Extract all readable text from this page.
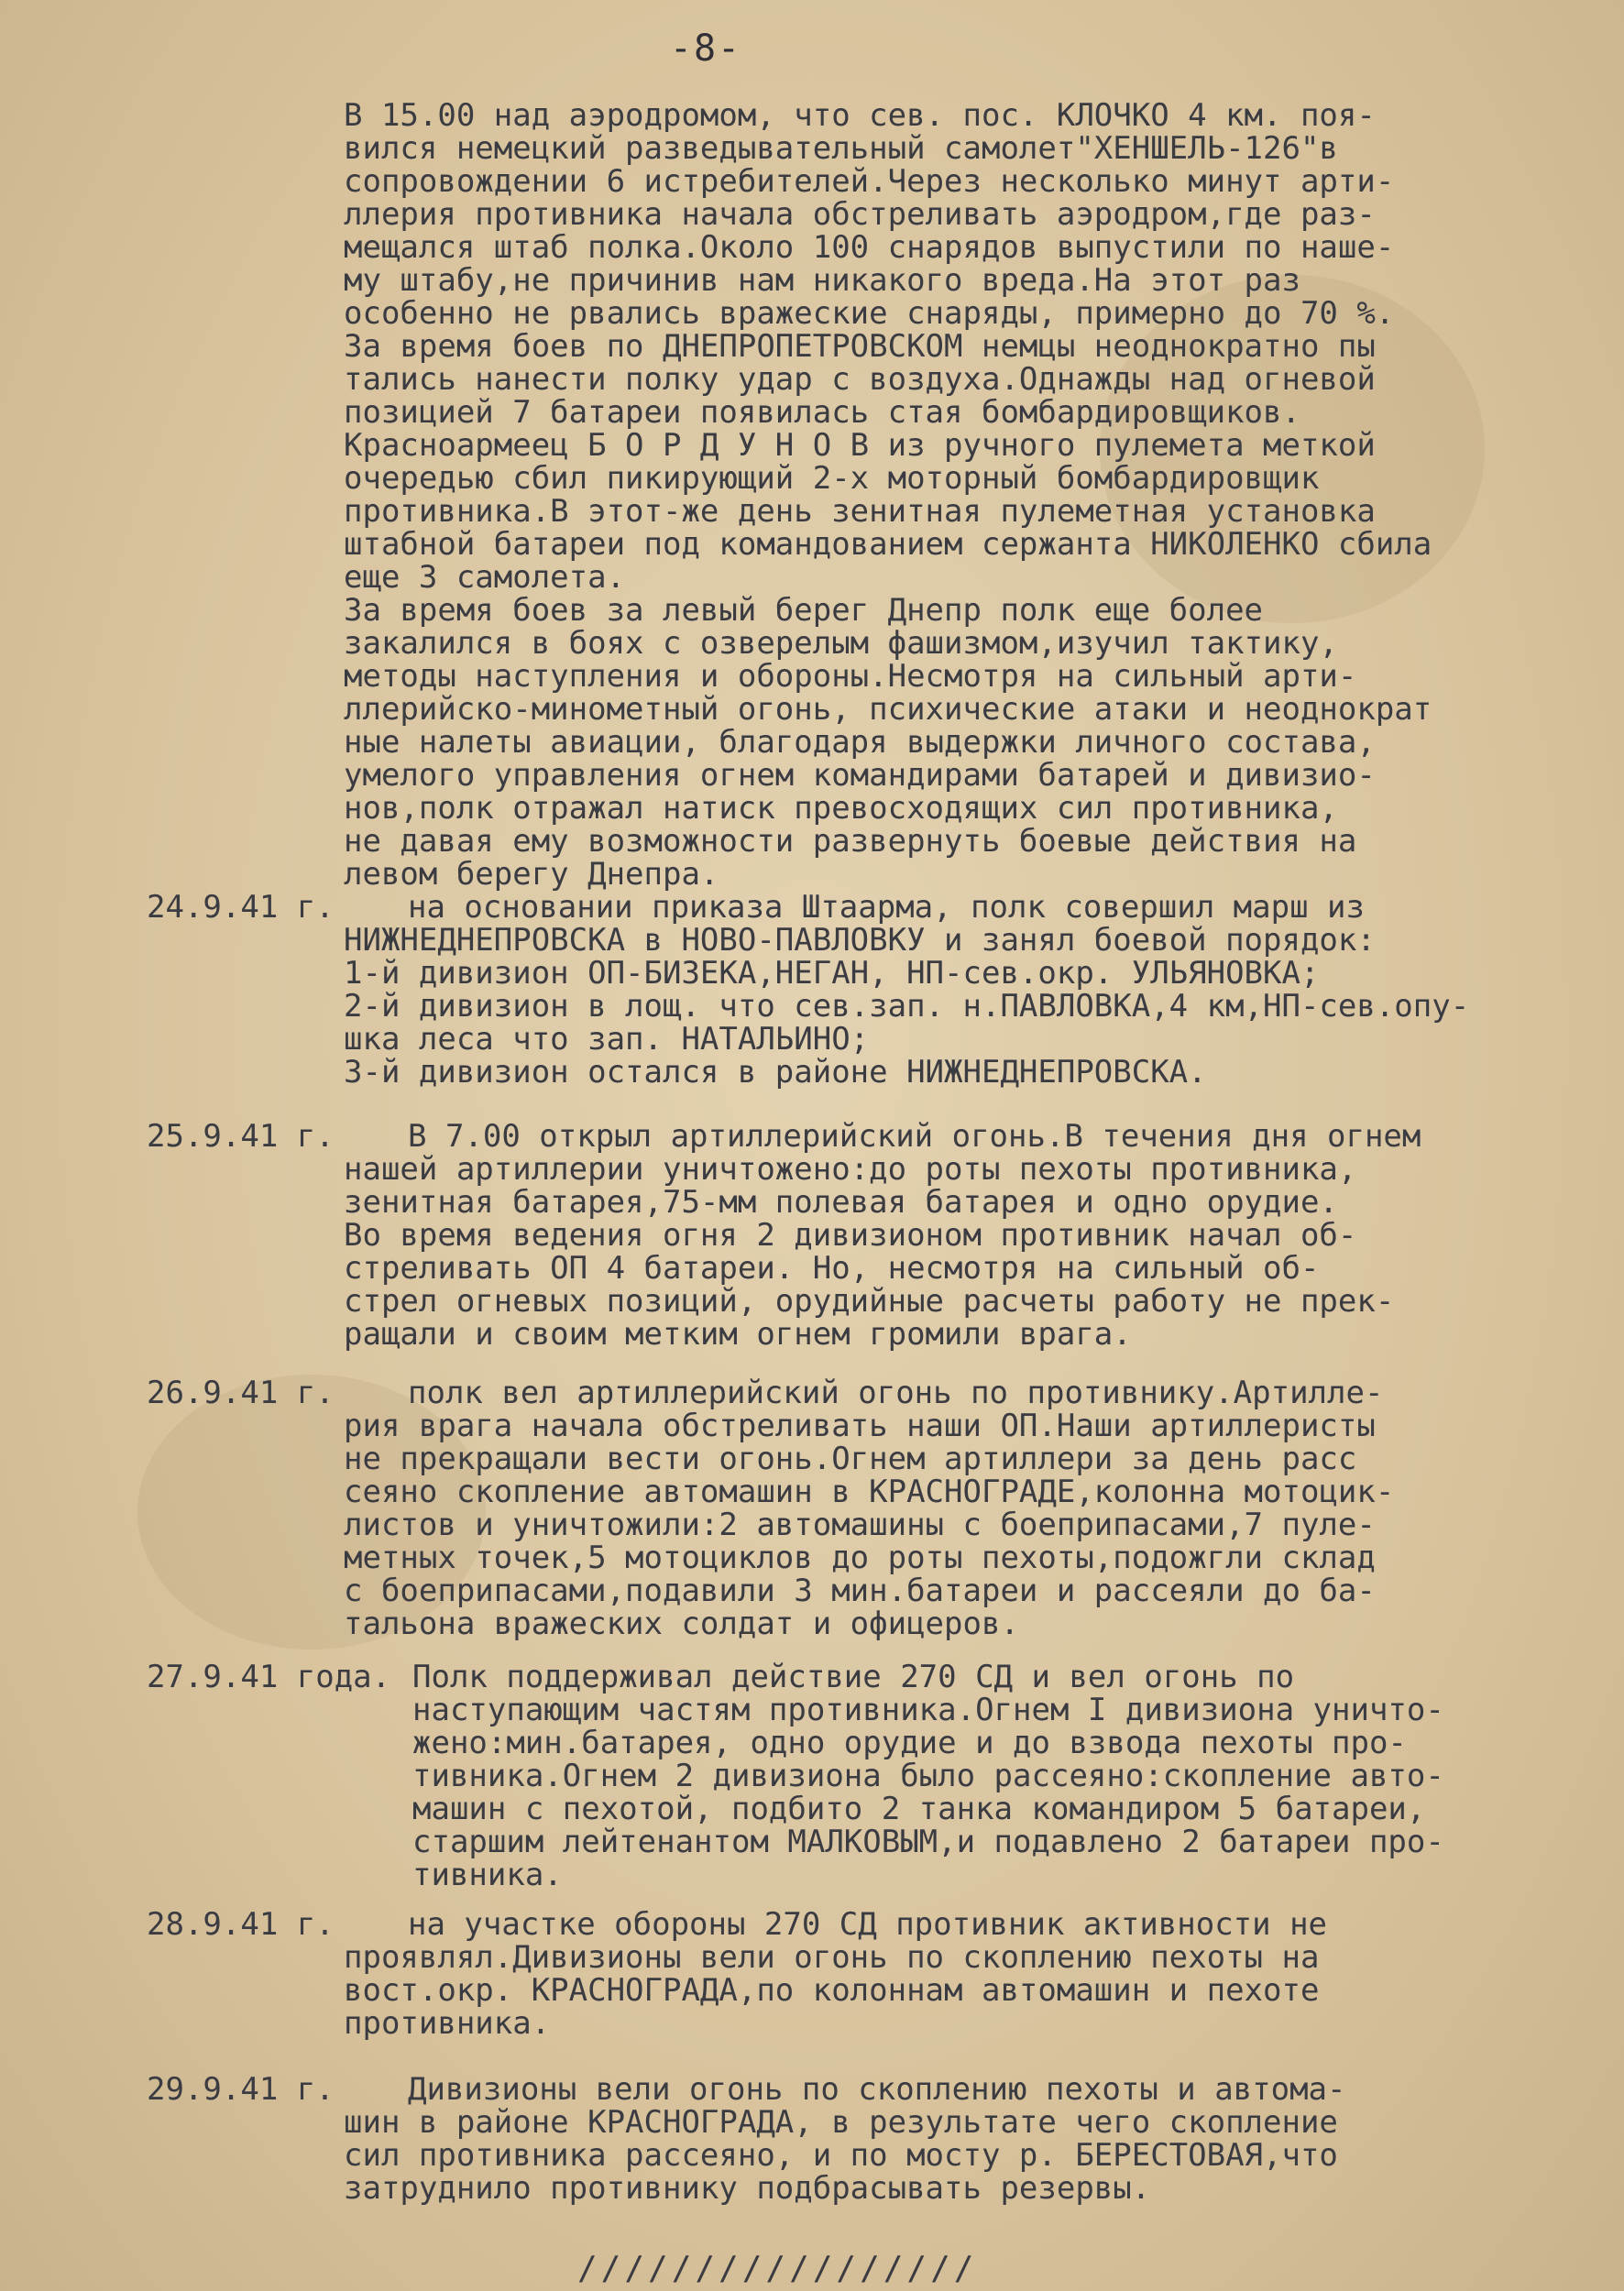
-8-
В 15.00 над аэродромом, что сев. пос. КЛОЧКО 4 км. поя-
вился немецкий разведывательный самолет"ХЕНШЕЛЬ-126"в
сопровождении 6 истребителей.Через несколько минут арти-
ллерия противника начала обстреливать аэродром,где раз-
мещался штаб полка.Около 100 снарядов выпустили по наше-
му штабу,не причинив нам никакого вреда.На этот раз
особенно не рвались вражеские снаряды, примерно до 70 %.
За время боев по ДНЕПРОПЕТРОВСКОМ немцы неоднократно пы
тались нанести полку удар с воздуха.Однажды над огневой
позицией 7 батареи появилась стая бомбардировщиков.
Красноармеец Б О Р Д У Н О В из ручного пулемета меткой
очередью сбил пикирующий 2-х моторный бомбардировщик
противника.В этот-же день зенитная пулеметная установка
штабной батареи под командованием сержанта НИКОЛЕНКО сбила
еще 3 самолета.
За время боев за левый берег Днепр полк еще более
закалился в боях с озверелым фашизмом,изучил тактику,
методы наступления и обороны.Несмотря на сильный арти-
ллерийско-минометный огонь, психические атаки и неоднократ
ные налеты авиации, благодаря выдержки личного состава,
умелого управления огнем командирами батарей и дивизио-
нов,полк отражал натиск превосходящих сил противника,
не давая ему возможности развернуть боевые действия на
левом берегу Днепра.
24.9.41 г.	на основании приказа Штаарма, полк совершил марш из
НИЖНЕДНЕПРОВСКА в НОВО-ПАВЛОВКУ и занял боевой порядок:
1-й дивизион ОП-БИЗЕКА,НЕГАН, НП-сев.окр. УЛЬЯНОВКА;
2-й дивизион в лощ. что сев.зап. н.ПАВЛОВКА,4 км,НП-сев.опу-
шка леса что зап. НАТАЛЬИНО;
3-й дивизион остался в районе НИЖНЕДНЕПРОВСКА.
25.9.41 г.	В 7.00 открыл артиллерийский огонь.В течения дня огнем
нашей артиллерии уничтожено:до роты пехоты противника,
зенитная батарея,75-мм полевая батарея и одно орудие.
Во время ведения огня 2 дивизионом противник начал об-
стреливать ОП 4 батареи. Но, несмотря на сильный об-
стрел огневых позиций, орудийные расчеты работу не прек-
ращали и своим метким огнем громили врага.
26.9.41 г.	полк вел артиллерийский огонь по противнику.Артилле-
рия врага начала обстреливать наши ОП.Наши артиллеристы
не прекращали вести огонь.Огнем артиллери за день расс
сеяно скопление автомашин в КРАСНОГРАДЕ,колонна мотоцик-
листов и уничтожили:2 автомашины с боеприпасами,7 пуле-
метных точек,5 мотоциклов до роты пехоты,подожгли склад
с боеприпасами,подавили 3 мин.батареи и рассеяли до ба-
тальона вражеских солдат и офицеров.
27.9.41 года. Полк поддерживал действие 270 СД и вел огонь по
наступающим частям противника.Огнем I дивизиона уничто-
жено:мин.батарея, одно орудие и до взвода пехоты про-
тивника.Огнем 2 дивизиона было рассеяно:скопление авто-
машин с пехотой, подбито 2 танка командиром 5 батареи,
старшим лейтенантом МАЛКОВЫМ,и подавлено 2 батареи про-
тивника.
28.9.41 г.	на участке обороны 270 СД противник активности не
проявлял.Дивизионы вели огонь по скоплению пехоты на
вост.окр. КРАСНОГРАДА,по колоннам автомашин и пехоте
противника.
29.9.41 г.	Дивизионы вели огонь по скоплению пехоты и автома-
шин в районе КРАСНОГРАДА, в результате чего скопление
сил противника рассеяно, и по мосту р. БЕРЕСТОВАЯ,что
затруднило противнику подбрасывать резервы.
/////////////////
